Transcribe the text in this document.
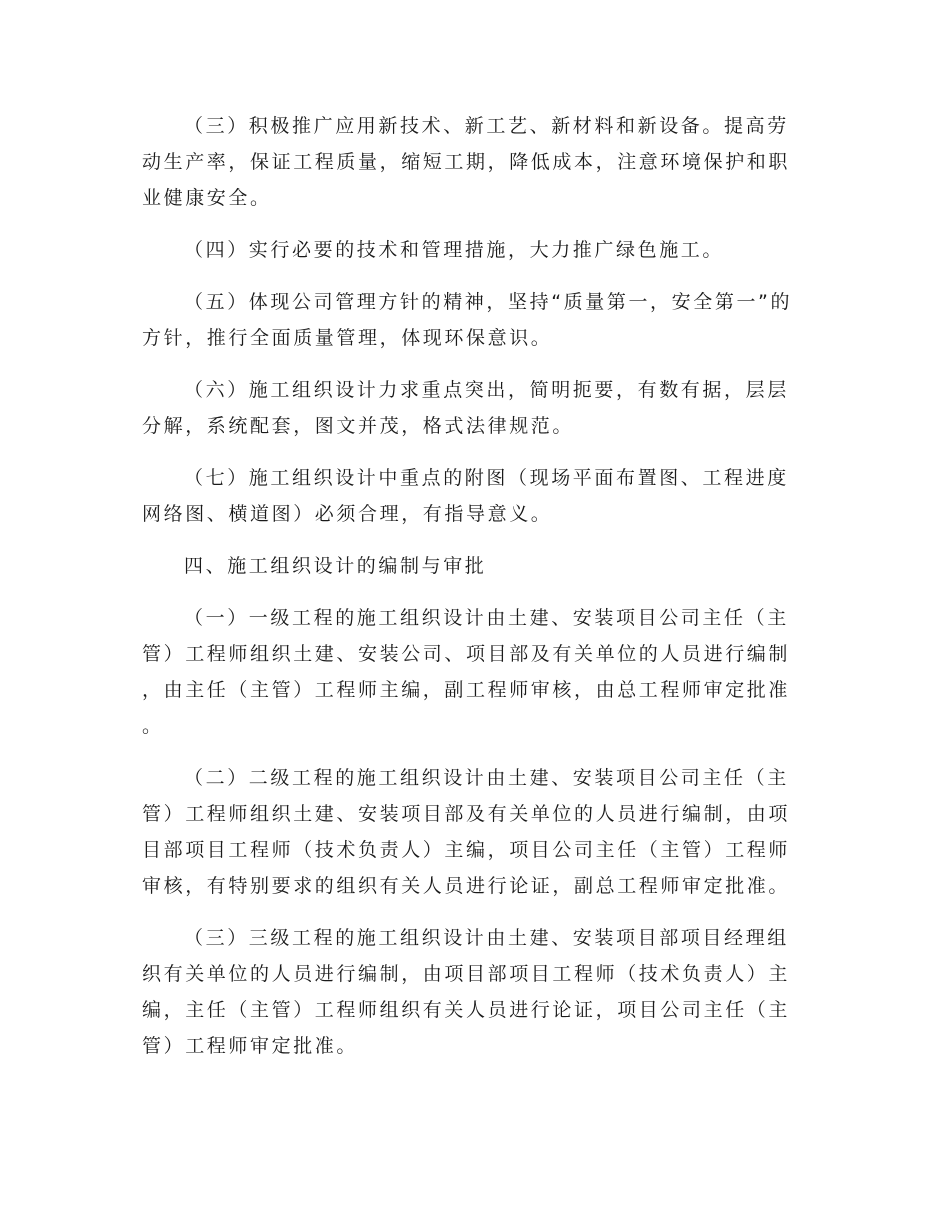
（三）积极推广应用新技术、新工艺、新材料和新设备。提高劳动生产率，保证工程质量，缩短工期，降低成本，注意环境保护和职业健康安全。

（四）实行必要的技术和管理措施，大力推广绿色施工。

（五）体现公司管理方针的精神，坚持“质量第一，安全第一”的方针，推行全面质量管理，体现环保意识。

（六）施工组织设计力求重点突出，简明扼要，有数有据，层层分解，系统配套，图文并茂，格式法律规范。

（七）施工组织设计中重点的附图（现场平面布置图、工程进度网络图、横道图）必须合理，有指导意义。

四、施工组织设计的编制与审批

（一）一级工程的施工组织设计由土建、安装项目公司主任（主管）工程师组织土建、安装公司、项目部及有关单位的人员进行编制，由主任（主管）工程师主编，副工程师审核，由总工程师审定批准。

（二）二级工程的施工组织设计由土建、安装项目公司主任（主管）工程师组织土建、安装项目部及有关单位的人员进行编制，由项目部项目工程师（技术负责人）主编，项目公司主任（主管）工程师审核，有特别要求的组织有关人员进行论证，副总工程师审定批准。

（三）三级工程的施工组织设计由土建、安装项目部项目经理组织有关单位的人员进行编制，由项目部项目工程师（技术负责人）主编，主任（主管）工程师组织有关人员进行论证，项目公司主任（主管）工程师审定批准。
